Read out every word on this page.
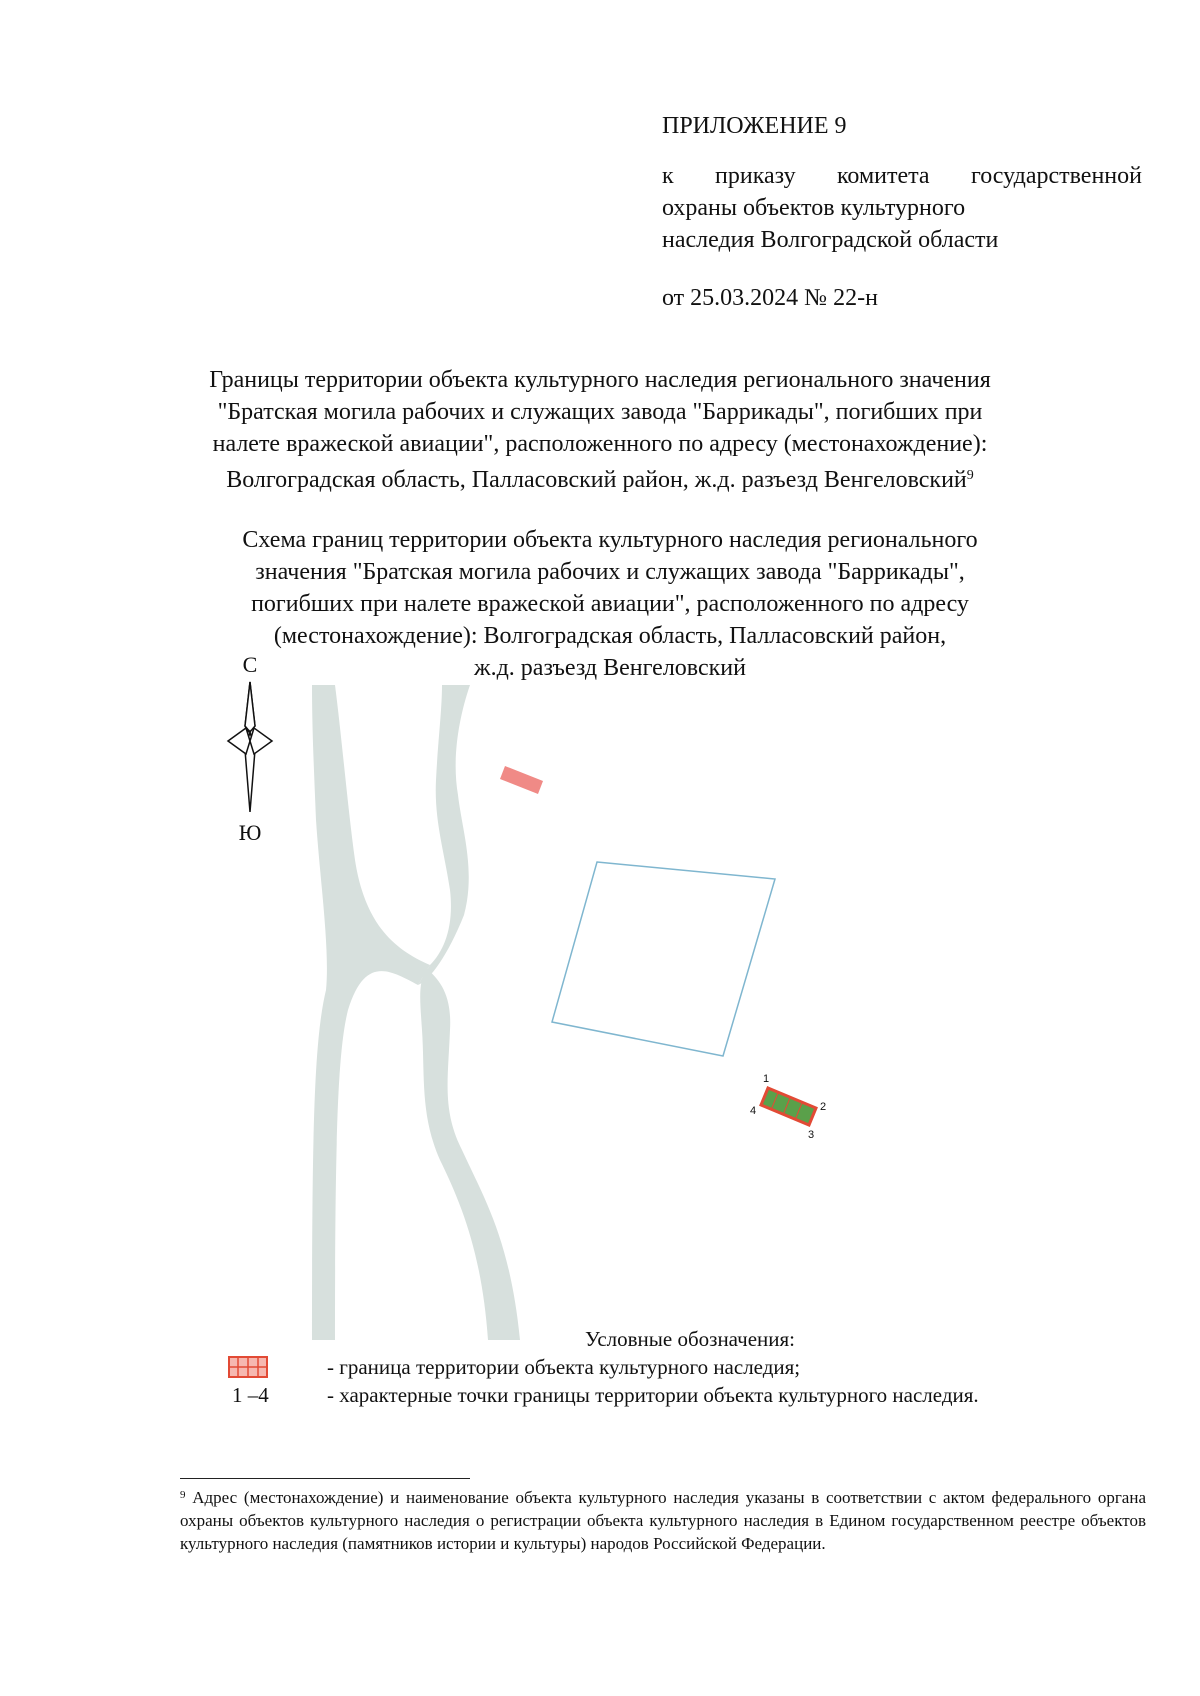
ПРИЛОЖЕНИЕ 9

к приказу комитета государственной
охраны объектов культурного
наследия Волгоградской области

от 25.03.2024 № 22-н

Границы территории объекта культурного наследия регионального значения
"Братская могила рабочих и служащих завода "Баррикады", погибших при
налете вражеской авиации", расположенного по адресу (местонахождение):
Волгоградская область, Палласовский район, ж.д. разъезд Венгеловский$^9$
Схема границ территории объекта культурного наследия регионального
значения "Братская могила рабочих и служащих завода "Баррикады",
погибших при налете вражеской авиации", расположенного по адресу
(местонахождение): Волгоградская область, Палласовский район,
ж.д. разъезд Венгеловский
С
Ю
1
2
3
4
Условные обозначения:
1 –4
- граница территории объекта культурного наследия;
- характерные точки границы территории объекта культурного наследия.
$^9$ Адрес (местонахождение) и наименование объекта культурного наследия указаны в соответствии с актом федерального органа охраны объектов культурного наследия о регистрации объекта культурного наследия в Едином государственном реестре объектов культурного наследия (памятников истории и культуры) народов Российской Федерации.
